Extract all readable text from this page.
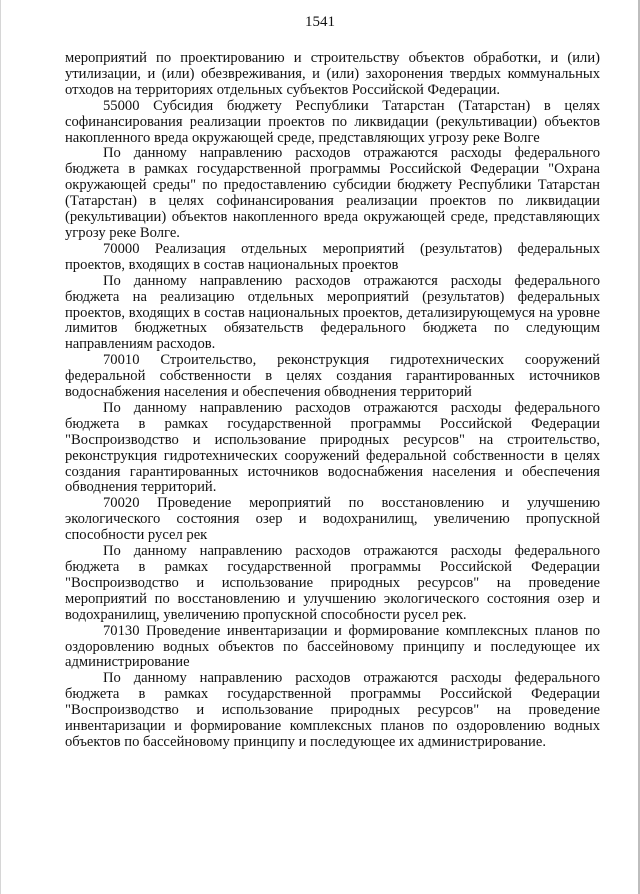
1541

мероприятий по проектированию и строительству объектов обработки, и (или) утилизации, и (или) обезвреживания, и (или) захоронения твердых коммунальных отходов на территориях отдельных субъектов Российской Федерации.

55000 Субсидия бюджету Республики Татарстан (Татарстан) в целях софинансирования реализации проектов по ликвидации (рекультивации) объектов накопленного вреда окружающей среде, представляющих угрозу реке Волге

По данному направлению расходов отражаются расходы федерального бюджета в рамках государственной программы Российской Федерации "Охрана окружающей среды" по предоставлению субсидии бюджету Республики Татарстан (Татарстан) в целях софинансирования реализации проектов по ликвидации (рекультивации) объектов накопленного вреда окружающей среде, представляющих угрозу реке Волге.

70000 Реализация отдельных мероприятий (результатов) федеральных проектов, входящих в состав национальных проектов

По данному направлению расходов отражаются расходы федерального бюджета на реализацию отдельных мероприятий (результатов) федеральных проектов, входящих в состав национальных проектов, детализирующемуся на уровне лимитов бюджетных обязательств федерального бюджета по следующим направлениям расходов.

70010 Строительство, реконструкция гидротехнических сооружений федеральной собственности в целях создания гарантированных источников водоснабжения населения и обеспечения обводнения территорий

По данному направлению расходов отражаются расходы федерального бюджета в рамках государственной программы Российской Федерации "Воспроизводство и использование природных ресурсов" на строительство, реконструкция гидротехнических сооружений федеральной собственности в целях создания гарантированных источников водоснабжения населения и обеспечения обводнения территорий.

70020 Проведение мероприятий по восстановлению и улучшению экологического состояния озер и водохранилищ, увеличению пропускной способности русел рек

По данному направлению расходов отражаются расходы федерального бюджета в рамках государственной программы Российской Федерации "Воспроизводство и использование природных ресурсов" на проведение мероприятий по восстановлению и улучшению экологического состояния озер и водохранилищ, увеличению пропускной способности русел рек.

70130 Проведение инвентаризации и формирование комплексных планов по оздоровлению водных объектов по бассейновому принципу и последующее их администрирование

По данному направлению расходов отражаются расходы федерального бюджета в рамках государственной программы Российской Федерации "Воспроизводство и использование природных ресурсов" на проведение инвентаризации и формирование комплексных планов по оздоровлению водных объектов по бассейновому принципу и последующее их администрирование.
